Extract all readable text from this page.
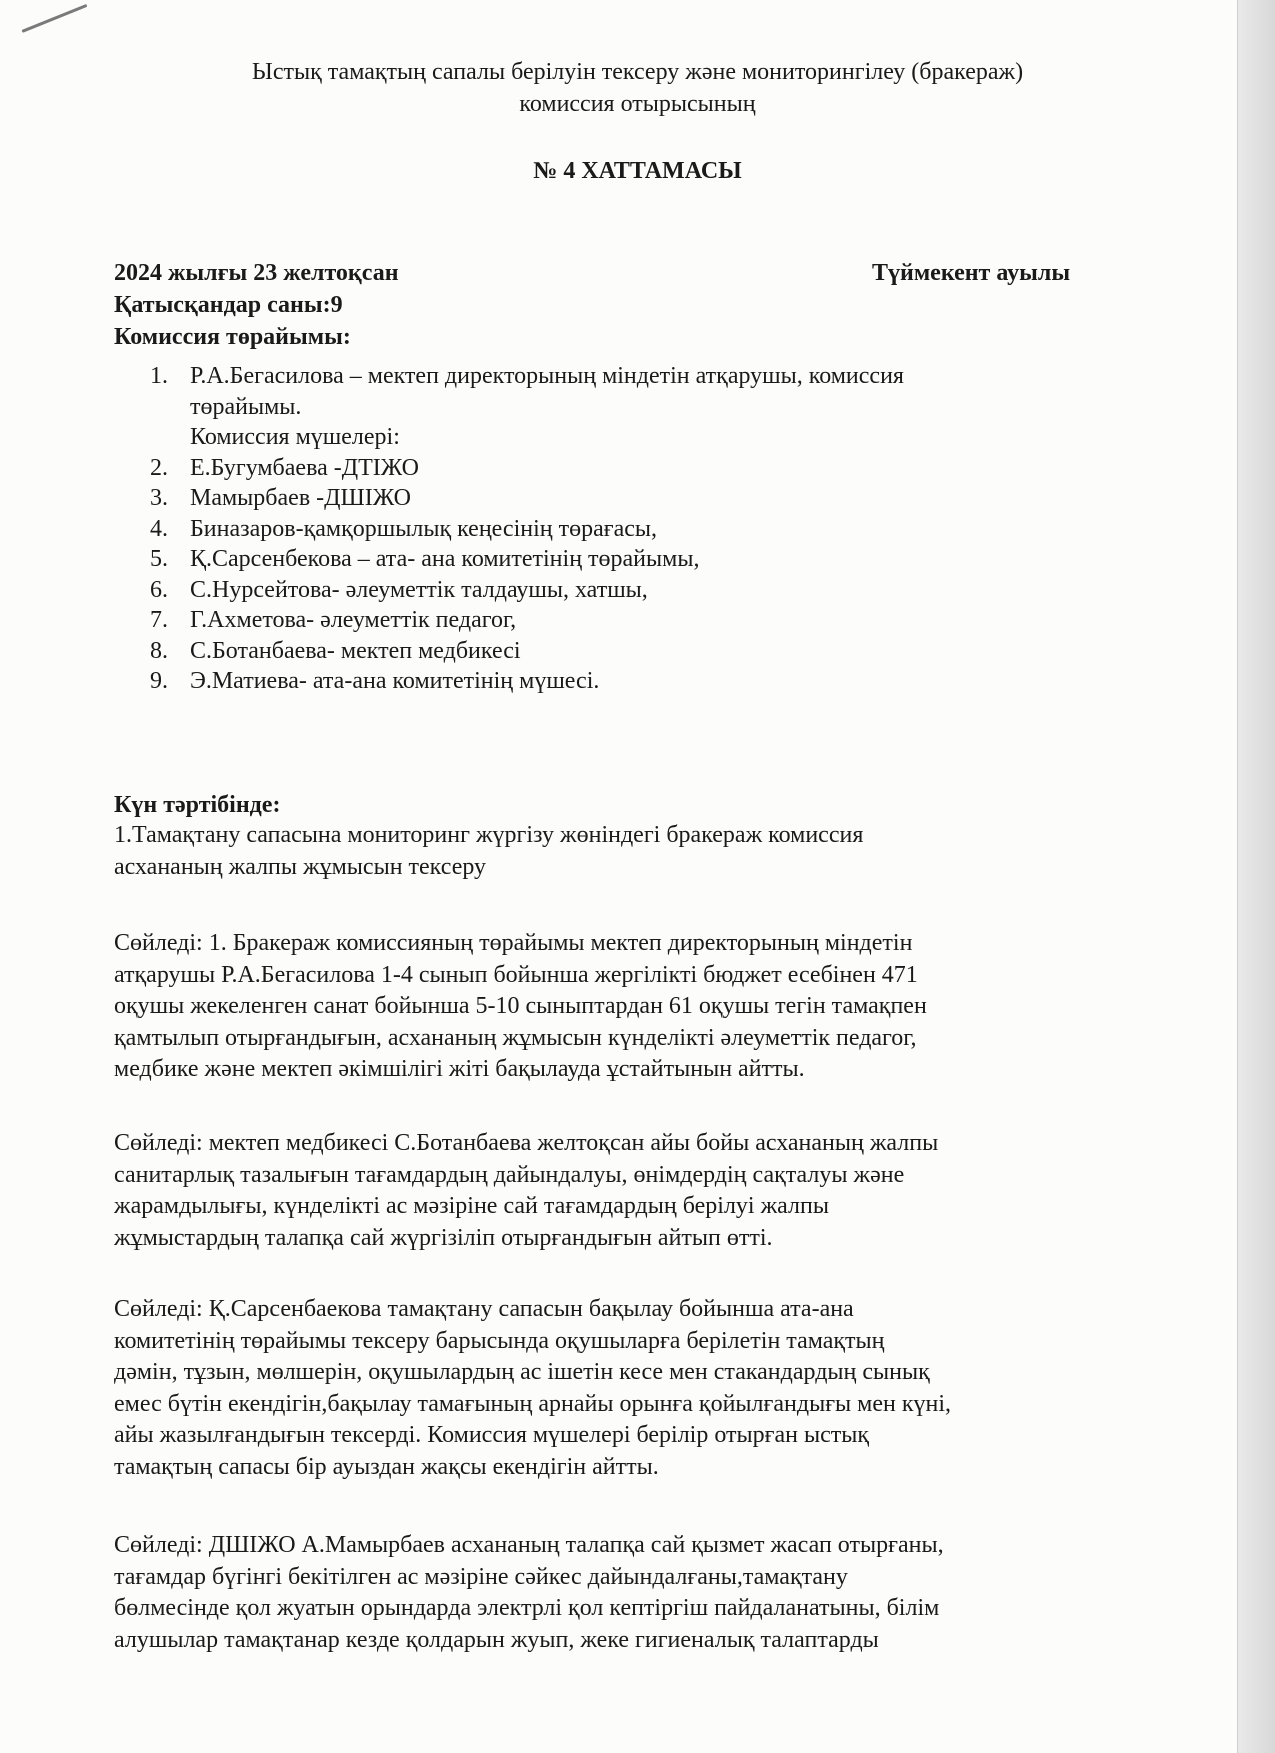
Ыстық тамақтың сапалы берілуін тексеру және мониторингілеу (бракераж)
комиссия отырысының
№ 4 ХАТТАМАСЫ
2024 жылғы 23 желтоқсан	Түймекент ауылы
Қатысқандар саны:9
Комиссия төрайымы:
1. Р.А.Бегасилова – мектеп директорының міндетін атқарушы, комиссия
төрайымы.
Комиссия мүшелері:
2. Е.Бугумбаева -ДТІЖО
3. Мамырбаев -ДШІЖО
4. Биназаров-қамқоршылық кеңесінің төрағасы,
5. Қ.Сарсенбекова – ата- ана комитетінің төрайымы,
6. С.Нурсейтова- әлеуметтік талдаушы, хатшы,
7. Г.Ахметова- әлеуметтік педагог,
8. С.Ботанбаева- мектеп медбикесі
9. Э.Матиева- ата-ана комитетінің мүшесі.
Күн тәртібінде:
1.Тамақтану сапасына мониторинг жүргізу жөніндегі бракераж комиссия
асхананың жалпы жұмысын тексеру
Сөйледі: 1. Бракераж комиссияның төрайымы мектеп директорының міндетін
атқарушы Р.А.Бегасилова 1-4 сынып бойынша жергілікті бюджет есебінен 471
оқушы жекеленген санат бойынша 5-10 сыныптардан 61 оқушы тегін тамақпен
қамтылып отырғандығын, асхананың жұмысын күнделікті әлеуметтік педагог,
медбике және мектеп әкімшілігі жіті бақылауда ұстайтынын айтты.
Сөйледі: мектеп медбикесі С.Ботанбаева желтоқсан айы бойы асхананың жалпы
санитарлық тазалығын тағамдардың дайындалуы, өнімдердің сақталуы және
жарамдылығы, күнделікті ас мәзіріне сай тағамдардың берілуі жалпы
жұмыстардың талапқа сай жүргізіліп отырғандығын айтып өтті.
Сөйледі: Қ.Сарсенбаекова тамақтану сапасын бақылау бойынша ата-ана
комитетінің төрайымы тексеру барысында оқушыларға берілетін тамақтың
дәмін, тұзын, мөлшерін, оқушылардың ас ішетін кесе мен стакандардың сынық
емес бүтін екендігін,бақылау тамағының арнайы орынға қойылғандығы мен күні,
айы жазылғандығын тексерді. Комиссия мүшелері берілip отырған ыстық
тамақтың сапасы бір ауыздан жақсы екендігін айтты.
Сөйледі: ДШІЖО А.Мамырбаев асхананың талапқа сай қызмет жасап отырғаны,
тағамдар бүгінгі бекітілген ас мәзіріне сәйкес дайындалғаны,тамақтану
бөлмесінде қол жуатын орындарда электрлі қол кептіргіш пайдаланатыны, білім
алушылар тамақтанар кезде қолдарын жуып, жеке гигиеналық талаптарды
